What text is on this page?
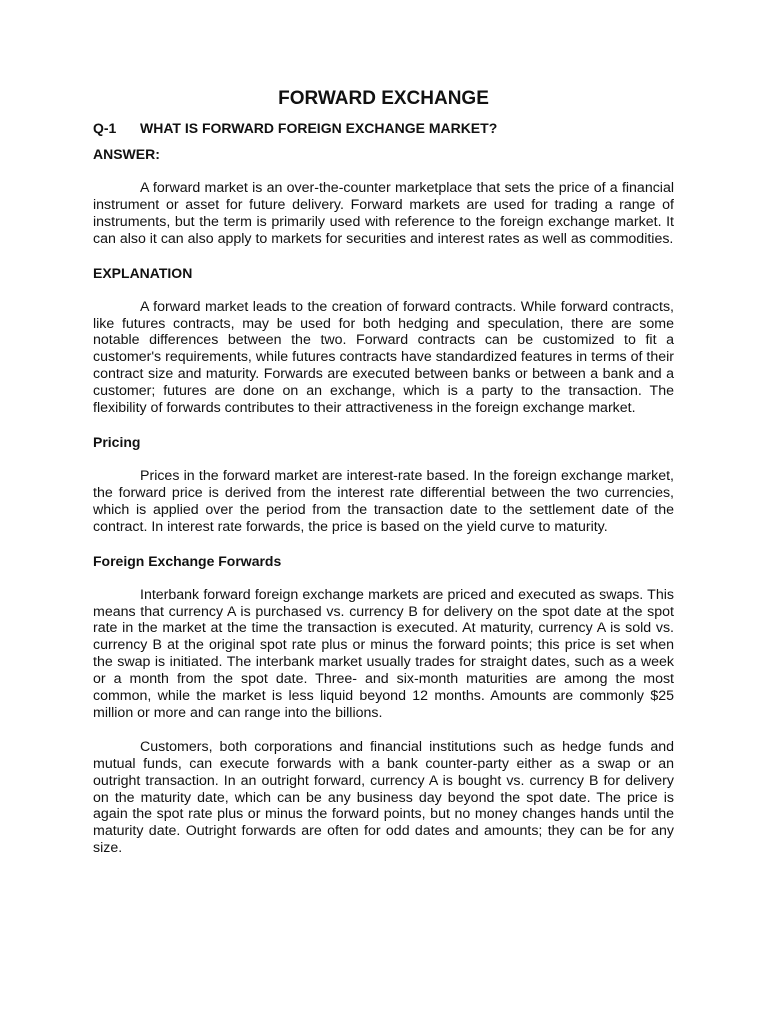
FORWARD EXCHANGE
Q-1	WHAT IS FORWARD FOREIGN EXCHANGE MARKET?

ANSWER:

A forward market is an over-the-counter marketplace that sets the price of a financial instrument or asset for future delivery. Forward markets are used for trading a range of instruments, but the term is primarily used with reference to the foreign exchange market. It can also it can also apply to markets for securities and interest rates as well as commodities.

EXPLANATION

A forward market leads to the creation of forward contracts. While forward contracts, like futures contracts, may be used for both hedging and speculation, there are some notable differences between the two. Forward contracts can be customized to fit a customer's requirements, while futures contracts have standardized features in terms of their contract size and maturity. Forwards are executed between banks or between a bank and a customer; futures are done on an exchange, which is a party to the transaction. The flexibility of forwards contributes to their attractiveness in the foreign exchange market.

Pricing

Prices in the forward market are interest-rate based. In the foreign exchange market, the forward price is derived from the interest rate differential between the two currencies, which is applied over the period from the transaction date to the settlement date of the contract. In interest rate forwards, the price is based on the yield curve to maturity.

Foreign Exchange Forwards

Interbank forward foreign exchange markets are priced and executed as swaps. This means that currency A is purchased vs. currency B for delivery on the spot date at the spot rate in the market at the time the transaction is executed. At maturity, currency A is sold vs. currency B at the original spot rate plus or minus the forward points; this price is set when the swap is initiated. The interbank market usually trades for straight dates, such as a week or a month from the spot date. Three- and six-month maturities are among the most common, while the market is less liquid beyond 12 months. Amounts are commonly $25 million or more and can range into the billions.

Customers, both corporations and financial institutions such as hedge funds and mutual funds, can execute forwards with a bank counter-party either as a swap or an outright transaction. In an outright forward, currency A is bought vs. currency B for delivery on the maturity date, which can be any business day beyond the spot date. The price is again the spot rate plus or minus the forward points, but no money changes hands until the maturity date. Outright forwards are often for odd dates and amounts; they can be for any size.
